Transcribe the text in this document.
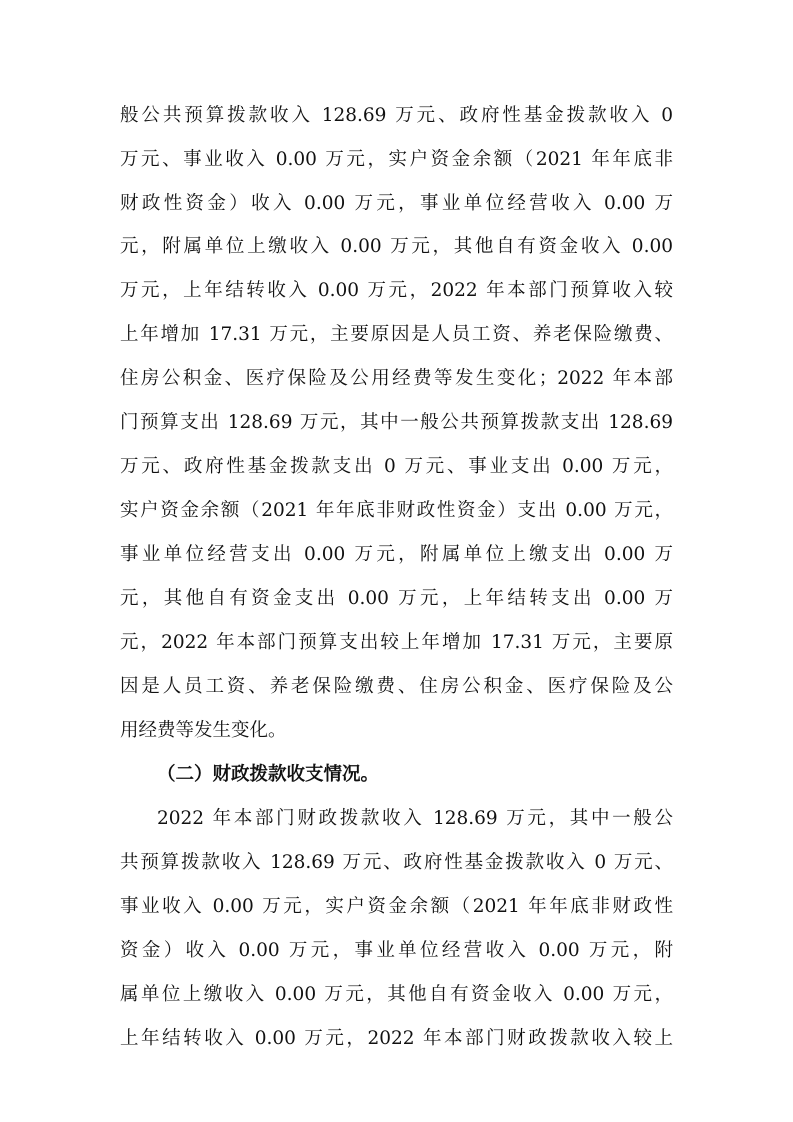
般公共预算拨款收入 128.69 万元、政府性基金拨款收入 0
万元、事业收入 0.00 万元，实户资金余额（2021 年年底非
财政性资金）收入 0.00 万元，事业单位经营收入 0.00 万
元，附属单位上缴收入 0.00 万元，其他自有资金收入 0.00
万元，上年结转收入 0.00 万元，2022 年本部门预算收入较
上年增加 17.31 万元，主要原因是人员工资、养老保险缴费、
住房公积金、医疗保险及公用经费等发生变化；2022 年本部
门预算支出 128.69 万元，其中一般公共预算拨款支出 128.69
万元、政府性基金拨款支出 0 万元、事业支出 0.00 万元，
实户资金余额（2021 年年底非财政性资金）支出 0.00 万元，
事业单位经营支出 0.00 万元，附属单位上缴支出 0.00 万
元，其他自有资金支出 0.00 万元，上年结转支出 0.00 万
元，2022 年本部门预算支出较上年增加 17.31 万元，主要原
因是人员工资、养老保险缴费、住房公积金、医疗保险及公
用经费等发生变化。
（二）财政拨款收支情况。
2022 年本部门财政拨款收入 128.69 万元，其中一般公
共预算拨款收入 128.69 万元、政府性基金拨款收入 0 万元、
事业收入 0.00 万元，实户资金余额（2021 年年底非财政性
资金）收入 0.00 万元，事业单位经营收入 0.00 万元，附
属单位上缴收入 0.00 万元，其他自有资金收入 0.00 万元，
上年结转收入 0.00 万元，2022 年本部门财政拨款收入较上
